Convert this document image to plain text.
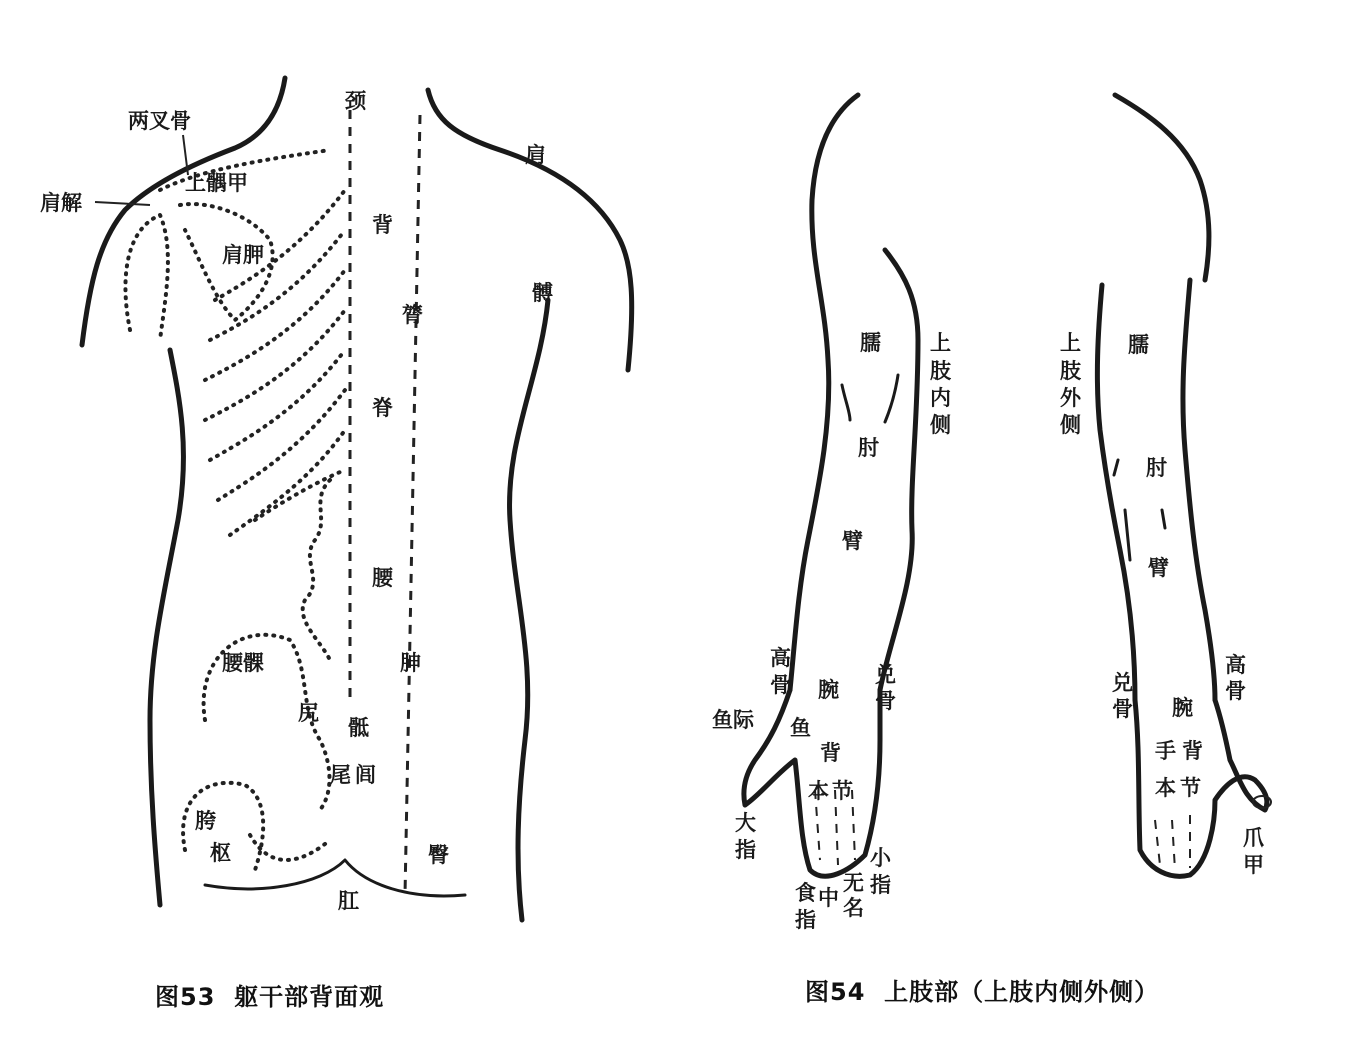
颈
两叉骨
上髃甲
肩解
肩胛
背
膂
脊
腰
胂
腰髁
尻
骶
尾 闾
肩
髆
胯
枢	臀
肛
图53  躯干部背面观
臑
肘
臂
腕
鱼际 鱼
背
本 节
中
上
肢
内
侧
高
骨	兑
骨
大
指
食
指
无
名
小
指
臑
肘
臂
腕
手 背
本 节
上
肢
外
侧
兑
骨
高
骨
爪
甲
图54  上肢部（上肢内侧外侧）
